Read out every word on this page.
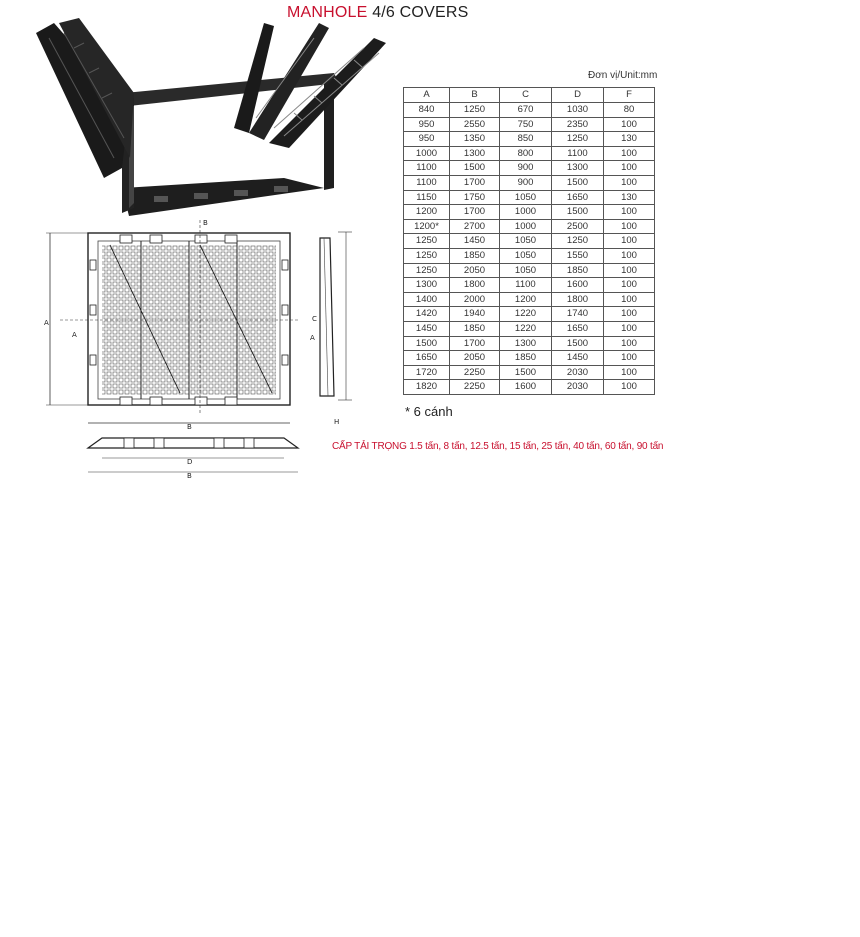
MANHOLE 4/6 COVERS
Đơn vị/Unit:mm
A	B	C	D	F
840	1250	670	1030	80
950	2550	750	2350	100
950	1350	850	1250	130
1000	1300	800	1100	100
1100	1500	900	1300	100
1100	1700	900	1500	100
1150	1750	1050	1650	130
1200	1700	1000	1500	100
1200*	2700	1000	2500	100
1250	1450	1050	1250	100
1250	1850	1050	1550	100
1250	2050	1050	1850	100
1300	1800	1100	1600	100
1400	2000	1200	1800	100
1420	1940	1220	1740	100
1450	1850	1220	1650	100
1500	1700	1300	1500	100
1650	2050	1850	1450	100
1720	2250	1500	2030	100
1820	2250	1600	2030	100
* 6 cánh
A
B
A
B
C
A
H
D
B
CẤP TẢI TRỌNG 1.5 tấn, 8 tấn, 12.5 tấn, 15 tấn, 25 tấn, 40 tấn, 60 tấn, 90 tấn
